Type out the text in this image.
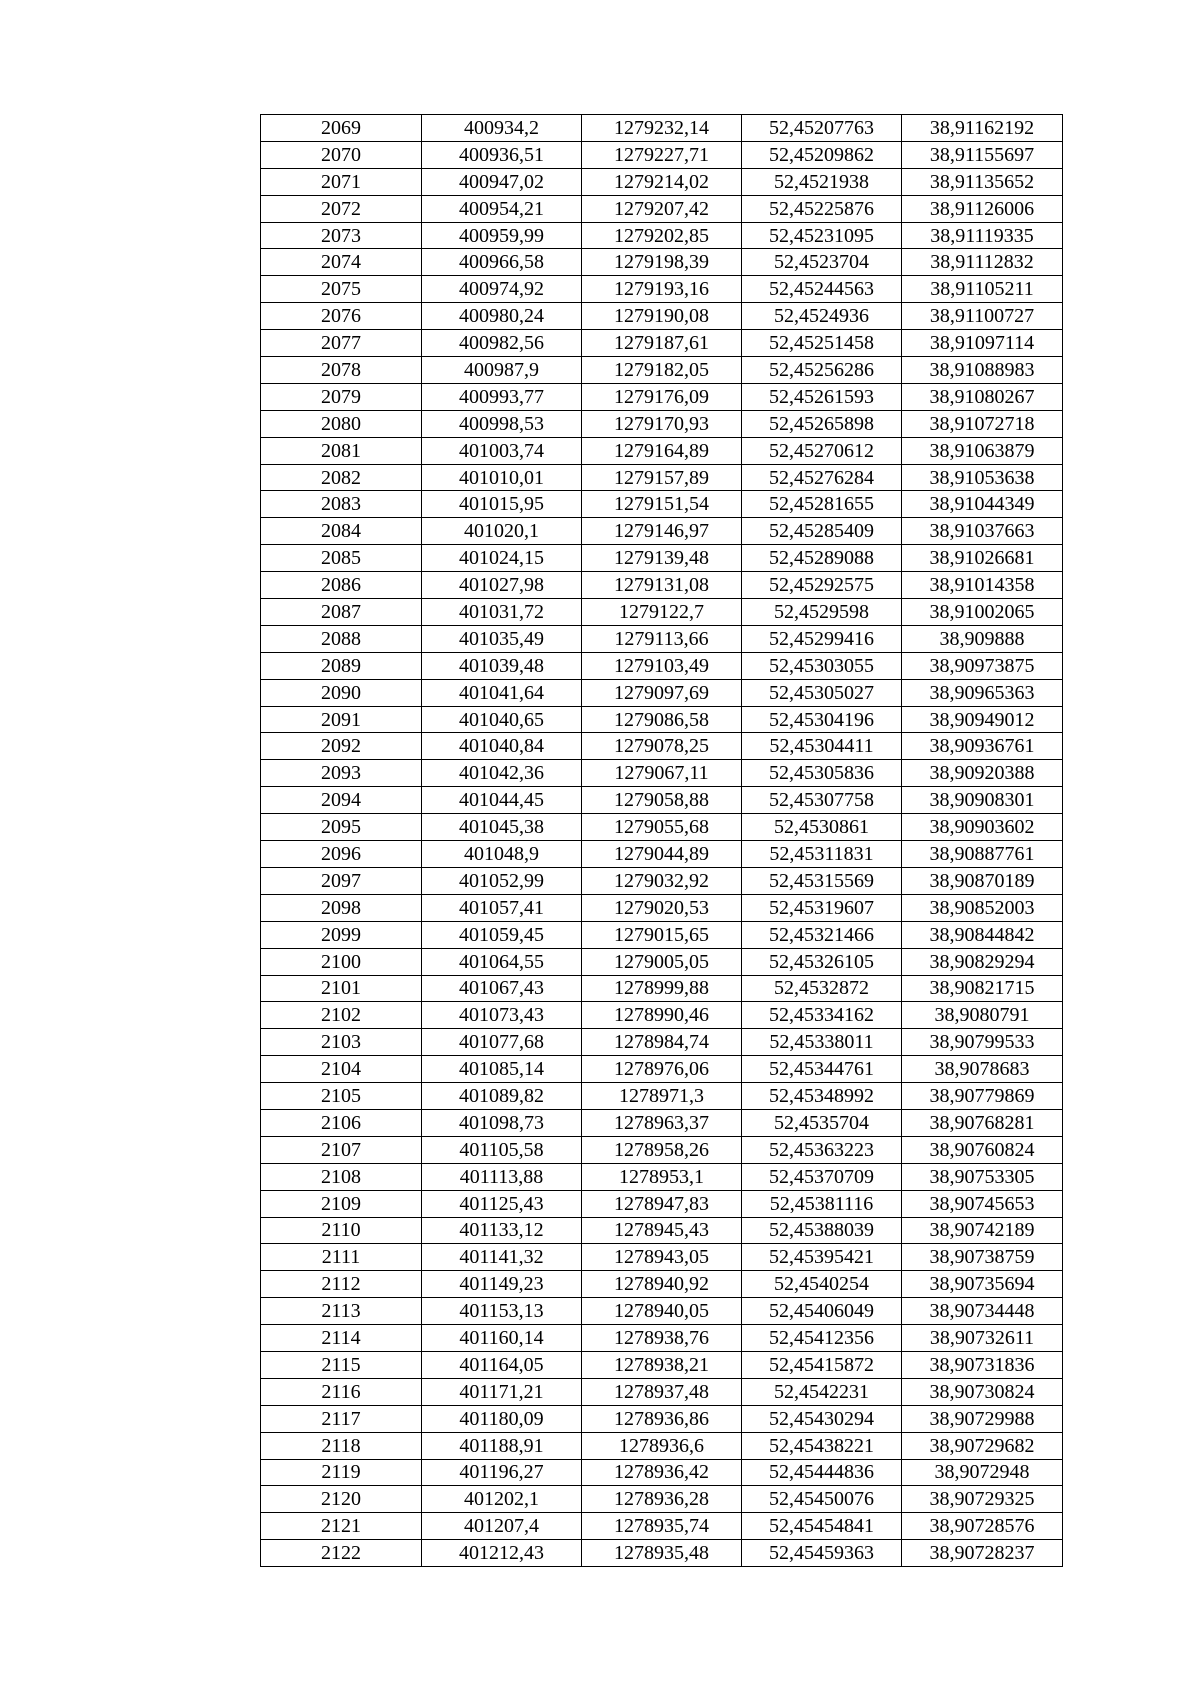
2069	400934,2	1279232,14	52,45207763	38,91162192
2070	400936,51	1279227,71	52,45209862	38,91155697
2071	400947,02	1279214,02	52,4521938	38,91135652
2072	400954,21	1279207,42	52,45225876	38,91126006
2073	400959,99	1279202,85	52,45231095	38,91119335
2074	400966,58	1279198,39	52,4523704	38,91112832
2075	400974,92	1279193,16	52,45244563	38,91105211
2076	400980,24	1279190,08	52,4524936	38,91100727
2077	400982,56	1279187,61	52,45251458	38,91097114
2078	400987,9	1279182,05	52,45256286	38,91088983
2079	400993,77	1279176,09	52,45261593	38,91080267
2080	400998,53	1279170,93	52,45265898	38,91072718
2081	401003,74	1279164,89	52,45270612	38,91063879
2082	401010,01	1279157,89	52,45276284	38,91053638
2083	401015,95	1279151,54	52,45281655	38,91044349
2084	401020,1	1279146,97	52,45285409	38,91037663
2085	401024,15	1279139,48	52,45289088	38,91026681
2086	401027,98	1279131,08	52,45292575	38,91014358
2087	401031,72	1279122,7	52,4529598	38,91002065
2088	401035,49	1279113,66	52,45299416	38,909888
2089	401039,48	1279103,49	52,45303055	38,90973875
2090	401041,64	1279097,69	52,45305027	38,90965363
2091	401040,65	1279086,58	52,45304196	38,90949012
2092	401040,84	1279078,25	52,45304411	38,90936761
2093	401042,36	1279067,11	52,45305836	38,90920388
2094	401044,45	1279058,88	52,45307758	38,90908301
2095	401045,38	1279055,68	52,4530861	38,90903602
2096	401048,9	1279044,89	52,45311831	38,90887761
2097	401052,99	1279032,92	52,45315569	38,90870189
2098	401057,41	1279020,53	52,45319607	38,90852003
2099	401059,45	1279015,65	52,45321466	38,90844842
2100	401064,55	1279005,05	52,45326105	38,90829294
2101	401067,43	1278999,88	52,4532872	38,90821715
2102	401073,43	1278990,46	52,45334162	38,9080791
2103	401077,68	1278984,74	52,45338011	38,90799533
2104	401085,14	1278976,06	52,45344761	38,9078683
2105	401089,82	1278971,3	52,45348992	38,90779869
2106	401098,73	1278963,37	52,4535704	38,90768281
2107	401105,58	1278958,26	52,45363223	38,90760824
2108	401113,88	1278953,1	52,45370709	38,90753305
2109	401125,43	1278947,83	52,45381116	38,90745653
2110	401133,12	1278945,43	52,45388039	38,90742189
2111	401141,32	1278943,05	52,45395421	38,90738759
2112	401149,23	1278940,92	52,4540254	38,90735694
2113	401153,13	1278940,05	52,45406049	38,90734448
2114	401160,14	1278938,76	52,45412356	38,90732611
2115	401164,05	1278938,21	52,45415872	38,90731836
2116	401171,21	1278937,48	52,4542231	38,90730824
2117	401180,09	1278936,86	52,45430294	38,90729988
2118	401188,91	1278936,6	52,45438221	38,90729682
2119	401196,27	1278936,42	52,45444836	38,9072948
2120	401202,1	1278936,28	52,45450076	38,90729325
2121	401207,4	1278935,74	52,45454841	38,90728576
2122	401212,43	1278935,48	52,45459363	38,90728237
